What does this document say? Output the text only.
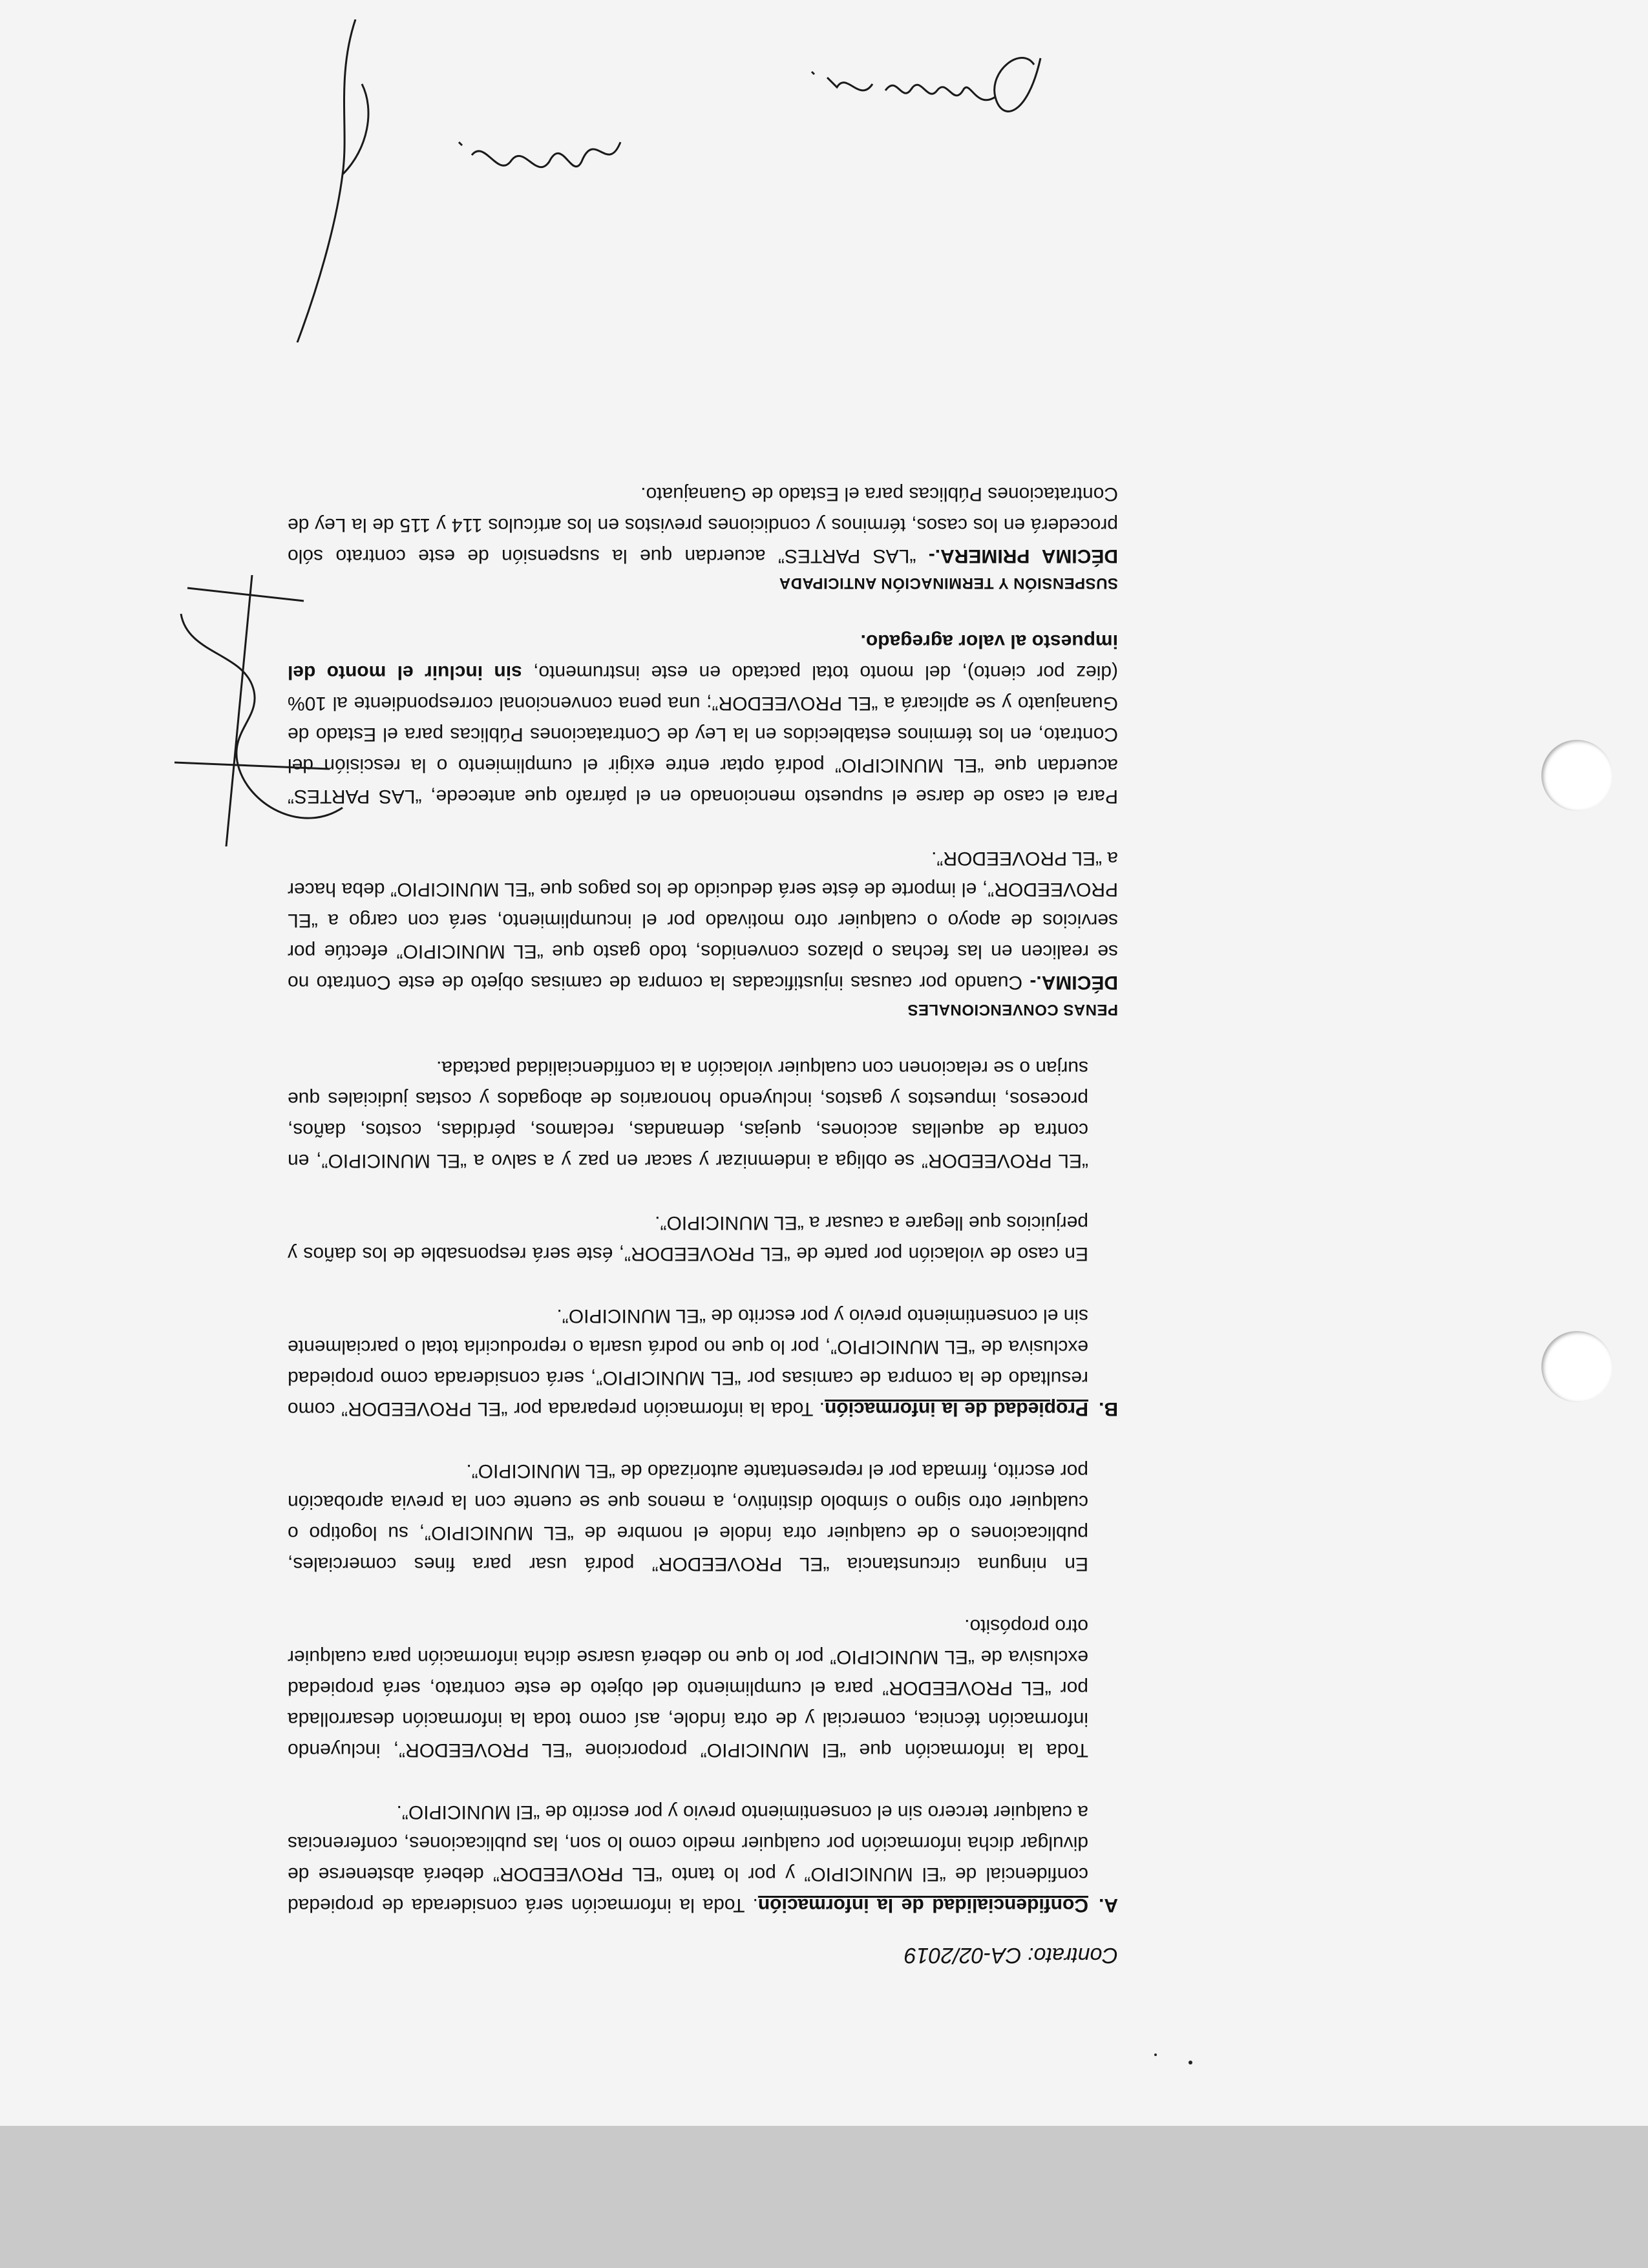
Contrato: CA-02/2019

A.Confidencialidad de la información. Toda la información será considerada de propiedad confidencial de “El MUNICIPIO” y por lo tanto “EL PROVEEDOR” deberá abstenerse de divulgar dicha información por cualquier medio como lo son, las publicaciones, conferencias a cualquier tercero sin el consentimiento previo y por escrito de “El MUNICIPIO”.

Toda la información que “El MUNICIPIO” proporcione “EL PROVEEDOR”, incluyendo información técnica, comercial y de otra índole, así como toda la información desarrollada por “EL PROVEEDOR” para el cumplimiento del objeto de este contrato, será propiedad exclusiva de “EL MUNICIPIO” por lo que no deberá usarse dicha información para cualquier otro propósito.

En ninguna circunstancia “EL PROVEEDOR” podrá usar para fines comerciales, publicaciones o de cualquier otra índole el nombre de “EL MUNICIPIO”, su logotipo o cualquier otro signo o símbolo distintivo, a menos que se cuente con la previa aprobación por escrito, firmada por el representante autorizado de “EL MUNICIPIO”.

B.Propiedad de la información. Toda la información preparada por “EL PROVEEDOR” como resultado de la compra de camisas por “EL MUNICIPIO”, será considerada como propiedad exclusiva de “EL MUNICIPIO”, por lo que no podrá usarla o reproducirla total o parcialmente sin el consentimiento previo y por escrito de “EL MUNICIPIO”.

En caso de violación por parte de “EL PROVEEDOR”, éste será responsable de los daños y perjuicios que llegare a causar a “EL MUNICIPIO”.

“EL PROVEEDOR” se obliga a indemnizar y sacar en paz y a salvo a “EL MUNICIPIO”, en contra de aquellas acciones, quejas, demandas, reclamos, pérdidas, costos, daños, procesos, impuestos y gastos, incluyendo honorarios de abogados y costas judiciales que surjan o se relacionen con cualquier violación a la confidencialidad pactada.

PENAS CONVENCIONALES

DÉCIMA.- Cuando por causas injustificadas la compra de camisas objeto de este Contrato no se realicen en las fechas o plazos convenidos, todo gasto que “EL MUNICIPIO” efectúe por servicios de apoyo o cualquier otro motivado por el incumplimiento, será con cargo a “EL PROVEEDOR”, el importe de éste será deducido de los pagos que “EL MUNICIPIO” deba hacer a “EL PROVEEDOR”.

Para el caso de darse el supuesto mencionado en el párrafo que antecede, “LAS PARTES” acuerdan que “EL MUNICIPIO” podrá optar entre exigir el cumplimiento o la rescisión del Contrato, en los términos establecidos en la Ley de Contrataciones Públicas para el Estado de Guanajuato y se aplicará a “EL PROVEEDOR”; una pena convencional correspondiente al 10% (diez por ciento), del monto total pactado en este instrumento, sin incluir el monto del impuesto al valor agregado.

SUSPENSIÓN Y TERMINACIÓN ANTICIPADA

DÉCIMA PRIMERA.- “LAS PARTES” acuerdan que la suspensión de este contrato sólo procederá en los casos, términos y condiciones previstos en los artículos 114 y 115 de la Ley de Contrataciones Públicas para el Estado de Guanajuato.
